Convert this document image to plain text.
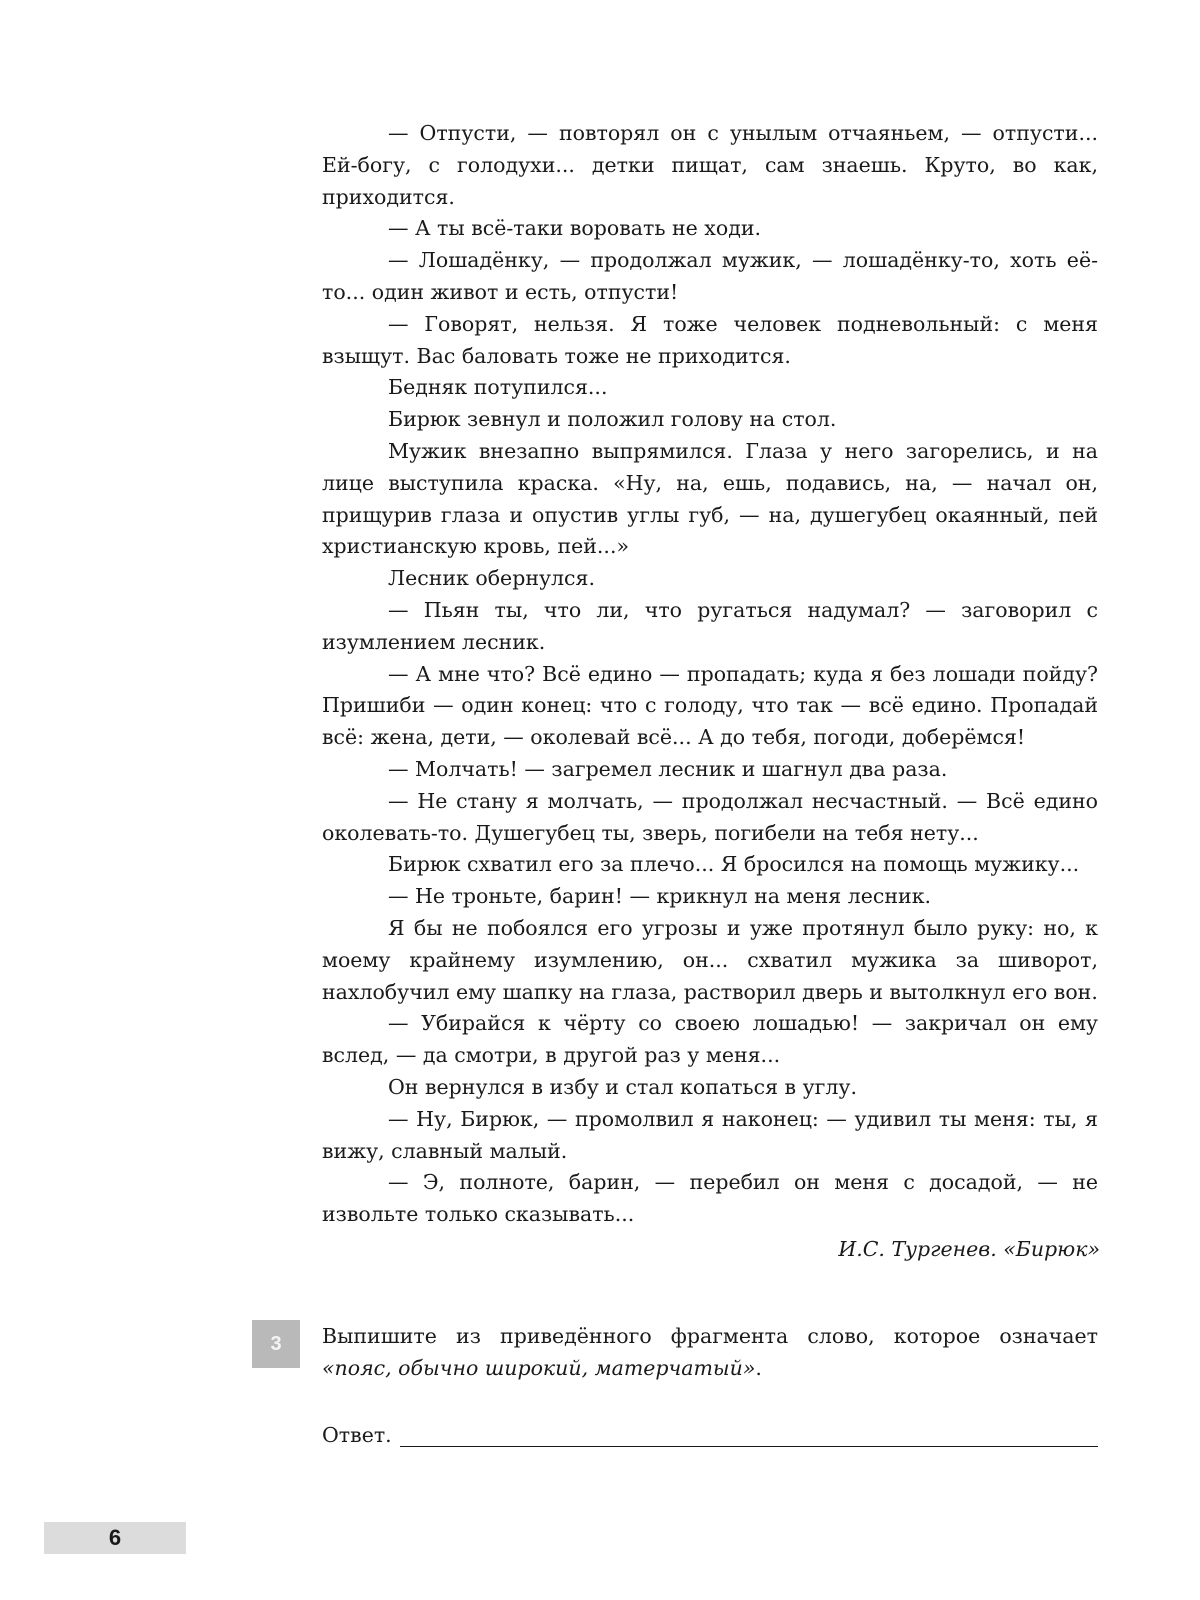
— Отпусти, — повторял он с унылым отчаяньем, — отпусти... Ей-богу, с голодухи... детки пищат, сам знаешь. Круто, во как, приходится.

— А ты всё-таки воровать не ходи.

— Лошадёнку, — продолжал мужик, — лошадёнку-то, хоть её-то... один живот и есть, отпусти!

— Говорят, нельзя. Я тоже человек подневольный: с меня взыщут. Вас баловать тоже не приходится.

Бедняк потупился...

Бирюк зевнул и положил голову на стол.

Мужик внезапно выпрямился. Глаза у него загорелись, и на лице выступила краска. «Ну, на, ешь, подавись, на, — начал он, прищурив глаза и опустив углы губ, — на, душегубец окаянный, пей христианскую кровь, пей...»

Лесник обернулся.

— Пьян ты, что ли, что ругаться надумал? — заговорил с изумлением лесник.

— А мне что? Всё едино — пропадать; куда я без лошади пойду? Пришиби — один конец: что с голоду, что так — всё едино. Пропадай всё: жена, дети, — околевай всё... А до тебя, погоди, доберёмся!

— Молчать! — загремел лесник и шагнул два раза.

— Не стану я молчать, — продолжал несчастный. — Всё едино околевать-то. Душегубец ты, зверь, погибели на тебя нету...

Бирюк схватил его за плечо... Я бросился на помощь мужику...

— Не троньте, барин! — крикнул на меня лесник.

Я бы не побоялся его угрозы и уже протянул было руку: но, к моему крайнему изумлению, он... схватил мужика за шиворот, нахлобучил ему шапку на глаза, растворил дверь и вытолкнул его вон.

— Убирайся к чёрту со своею лошадью! — закричал он ему вслед, — да смотри, в другой раз у меня...

Он вернулся в избу и стал копаться в углу.

— Ну, Бирюк, — промолвил я наконец: — удивил ты меня: ты, я вижу, славный малый.

— Э, полноте, барин, — перебил он меня с досадой, — не извольте только сказывать...

И.С. Тургенев. «Бирюк»
3	Выпишите из приведённого фрагмента слово, которое означает «пояс, обычно широкий, матерчатый».
Ответ.
6
